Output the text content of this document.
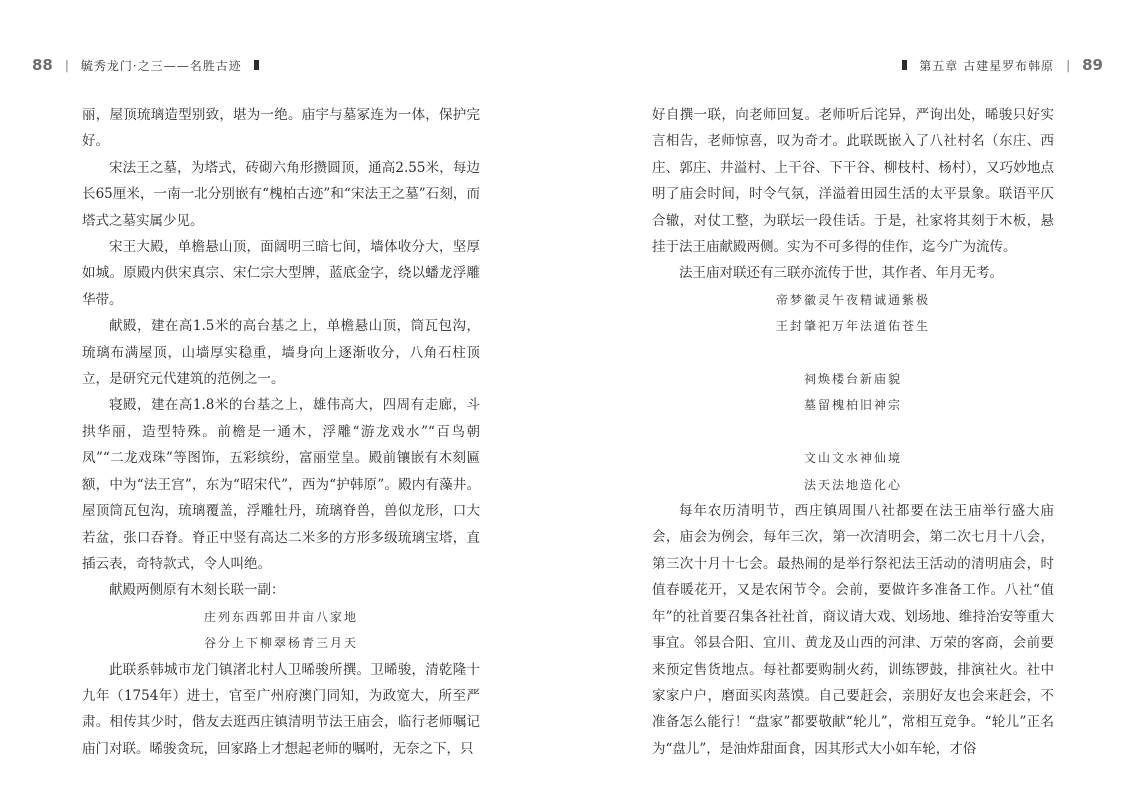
88 | 毓秀龙门·之三——名胜古迹

丽，屋顶琉璃造型别致，堪为一绝。庙宇与墓冢连为一体，保护完好。

宋法王之墓，为塔式，砖砌六角形攒圆顶，通高2.55米，每边长65厘米，一南一北分别嵌有“槐柏古迹”和“宋法王之墓”石刻，而塔式之墓实属少见。

宋王大殿，单檐悬山顶，面阔明三暗七间，墙体收分大，坚厚如城。原殿内供宋真宗、宋仁宗大型牌，蓝底金字，绕以蟠龙浮雕华带。

献殿，建在高1.5米的高台基之上，单檐悬山顶，筒瓦包沟，琉璃布满屋顶，山墙厚实稳重，墙身向上逐渐收分，八角石柱顶立，是研究元代建筑的范例之一。

寝殿，建在高1.8米的台基之上，雄伟高大，四周有走廊，斗拱华丽，造型特殊。前檐是一通木，浮雕“游龙戏水”“百鸟朝凤”“二龙戏珠”等图饰，五彩缤纷，富丽堂皇。殿前镶嵌有木刻匾额，中为“法王宫”，东为“昭宋代”，西为“护韩原”。殿内有藻井。屋顶筒瓦包沟，琉璃覆盖，浮雕牡丹，琉璃脊兽，兽似龙形，口大若盆，张口吞脊。脊正中竖有高达二米多的方形多级琉璃宝塔，直插云表，奇特款式，令人叫绝。

献殿两侧原有木刻长联一副：

庄列东西郭田井亩八家地

谷分上下柳翠杨青三月天

此联系韩城市龙门镇渚北村人卫晞骏所撰。卫晞骏，清乾隆十九年（1754年）进士，官至广州府澳门同知，为政宽大，所至严肃。相传其少时，偕友去逛西庄镇清明节法王庙会，临行老师嘱记庙门对联。晞骏贪玩，回家路上才想起老师的嘱咐，无奈之下，只

第五章 古建星罗布韩原 | 89

好自撰一联，向老师回复。老师听后诧异，严询出处，晞骏只好实言相告，老师惊喜，叹为奇才。此联既嵌入了八社村名（东庄、西庄、郭庄、井溢村、上干谷、下干谷、柳枝村、杨村），又巧妙地点明了庙会时间，时令气氛，洋溢着田园生活的太平景象。联语平仄合辙，对仗工整，为联坛一段佳话。于是，社家将其刻于木板，悬挂于法王庙献殿两侧。实为不可多得的佳作，迄今广为流传。

法王庙对联还有三联亦流传于世，其作者、年月无考。

帝梦徽灵午夜精诚通紫极

王封肇祀万年法道佑苍生

祠焕楼台新庙貌

墓留槐柏旧神宗

文山文水神仙境

法天法地造化心

每年农历清明节，西庄镇周围八社都要在法王庙举行盛大庙会，庙会为例会，每年三次，第一次清明会，第二次七月十八会，第三次十月十七会。最热闹的是举行祭祀法王活动的清明庙会，时值春暖花开，又是农闲节令。会前，要做许多准备工作。八社“值年”的社首要召集各社社首，商议请大戏、划场地、维持治安等重大事宜。邻县合阳、宜川、黄龙及山西的河津、万荣的客商，会前要来预定售货地点。每社都要购制火药，训练锣鼓，排演社火。社中家家户户，磨面买肉蒸馍。自己要赶会，亲朋好友也会来赶会，不准备怎么能行！“盘家”都要敬献“轮儿”，常相互竞争。“轮儿”正名为“盘儿”，是油炸甜面食，因其形式大小如车轮，才俗
